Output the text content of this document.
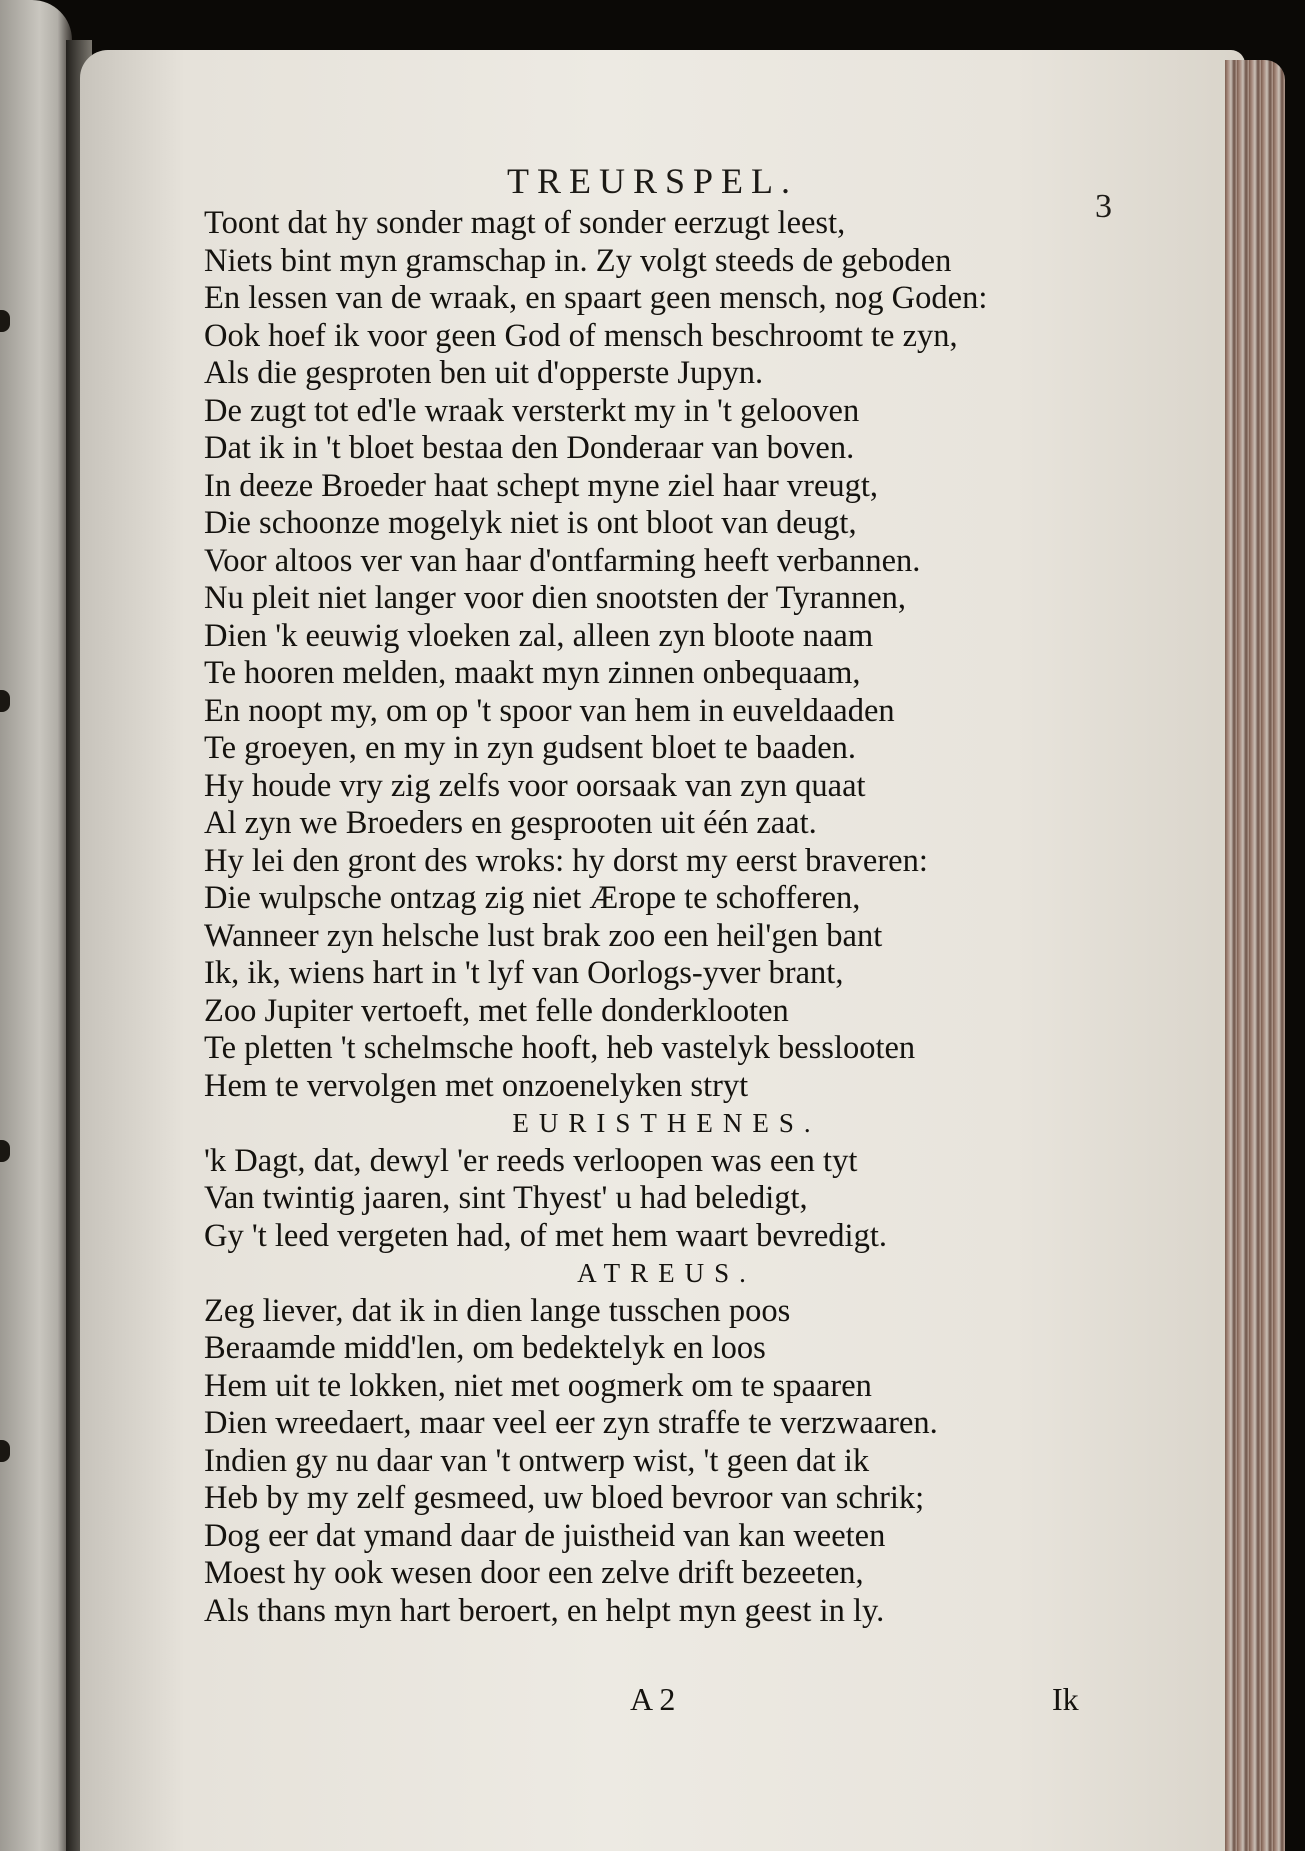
TREURSPEL.
3
Toont dat hy sonder magt of sonder eerzugt leest,
Niets bint myn gramschap in. Zy volgt steeds de geboden
En lessen van de wraak, en spaart geen mensch, nog Goden:
Ook hoef ik voor geen God of mensch beschroomt te zyn,
Als die gesproten ben uit d'opperste Jupyn.
De zugt tot ed'le wraak versterkt my in 't gelooven
Dat ik in 't bloet bestaa den Donderaar van boven.
In deeze Broeder haat schept myne ziel haar vreugt,
Die schoonze mogelyk niet is ont bloot van deugt,
Voor altoos ver van haar d'ontfarming heeft verbannen.
Nu pleit niet langer voor dien snootsten der Tyrannen,
Dien 'k eeuwig vloeken zal, alleen zyn bloote naam
Te hooren melden, maakt myn zinnen onbequaam,
En noopt my, om op 't spoor van hem in euveldaaden
Te groeyen, en my in zyn gudsent bloet te baaden.
Hy houde vry zig zelfs voor oorsaak van zyn quaat
Al zyn we Broeders en gesprooten uit één zaat.
Hy lei den gront des wroks: hy dorst my eerst braveren:
Die wulpsche ontzag zig niet Ærope te schofferen,
Wanneer zyn helsche lust brak zoo een heil'gen bant
Ik, ik, wiens hart in 't lyf van Oorlogs-yver brant,
Zoo Jupiter vertoeft, met felle donderklooten
Te pletten 't schelmsche hooft, heb vastelyk besslooten
Hem te vervolgen met onzoenelyken stryt
EURISTHENES.
'k Dagt, dat, dewyl 'er reeds verloopen was een tyt
Van twintig jaaren, sint Thyest' u had beledigt,
Gy 't leed vergeten had, of met hem waart bevredigt.
ATREUS.
Zeg liever, dat ik in dien lange tusschen poos
Beraamde midd'len, om bedektelyk en loos
Hem uit te lokken, niet met oogmerk om te spaaren
Dien wreedaert, maar veel eer zyn straffe te verzwaaren.
Indien gy nu daar van 't ontwerp wist, 't geen dat ik
Heb by my zelf gesmeed, uw bloed bevroor van schrik;
Dog eer dat ymand daar de juistheid van kan weeten
Moest hy ook wesen door een zelve drift bezeeten,
Als thans myn hart beroert, en helpt myn geest in ly.
A 2	Ik
